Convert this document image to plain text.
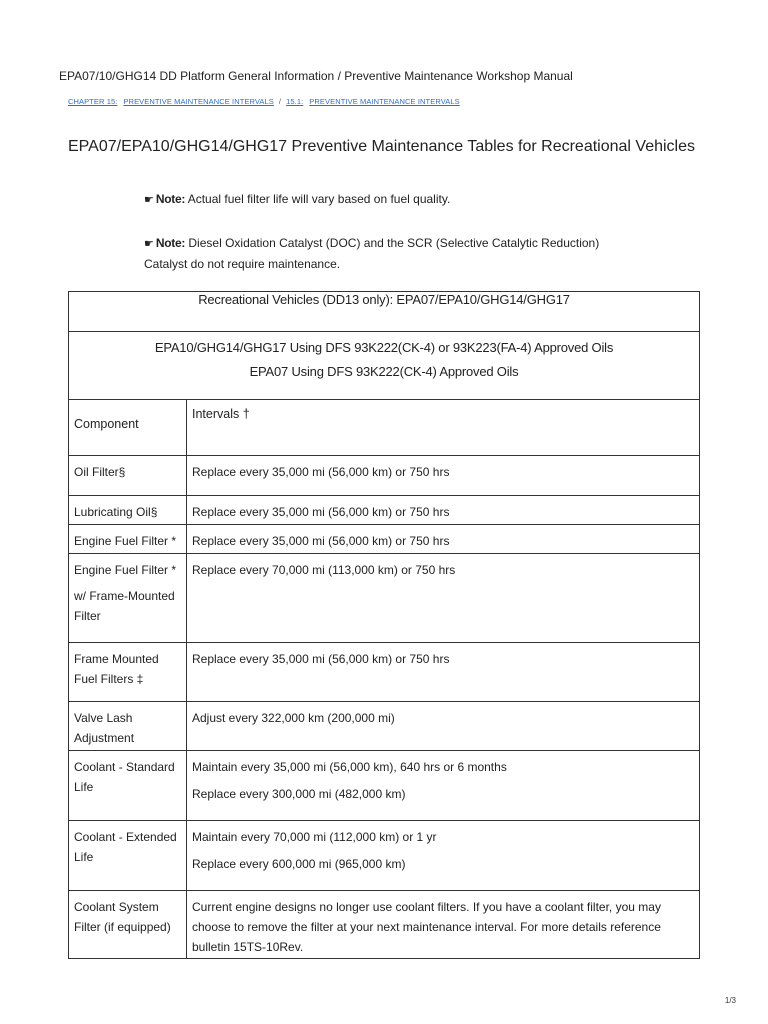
EPA07/10/GHG14 DD Platform General Information / Preventive Maintenance Workshop Manual
CHAPTER 15: PREVENTIVE MAINTENANCE INTERVALS / 15.1: PREVENTIVE MAINTENANCE INTERVALS
EPA07/EPA10/GHG14/GHG17 Preventive Maintenance Tables for Recreational Vehicles
☛ Note: Actual fuel filter life will vary based on fuel quality.
☛ Note: Diesel Oxidation Catalyst (DOC) and the SCR (Selective Catalytic Reduction) Catalyst do not require maintenance.
Recreational Vehicles (DD13 only): EPA07/EPA10/GHG14/GHG17	

EPA10/GHG14/GHG17 Using DFS 93K222(CK-4) or 93K223(FA-4) Approved Oils
EPA07 Using DFS 93K222(CK-4) Approved Oils	

Component	Intervals †

Oil Filter§	Replace every 35,000 mi (56,000 km) or 750 hrs

Lubricating Oil§	Replace every 35,000 mi (56,000 km) or 750 hrs

Engine Fuel Filter *	Replace every 35,000 mi (56,000 km) or 750 hrs

Engine Fuel Filter *
w/ Frame-Mounted Filter	Replace every 70,000 mi (113,000 km) or 750 hrs

Frame Mounted Fuel Filters ‡	Replace every 35,000 mi (56,000 km) or 750 hrs

Valve Lash Adjustment	Adjust every 322,000 km (200,000 mi)

Coolant - Standard Life	Maintain every 35,000 mi (56,000 km), 640 hrs or 6 months
Replace every 300,000 mi (482,000 km)

Coolant - Extended Life	Maintain every 70,000 mi (112,000 km) or 1 yr
Replace every 600,000 mi (965,000 km)

Coolant System Filter (if equipped)	Current engine designs no longer use coolant filters. If you have a coolant filter, you may choose to remove the filter at your next maintenance interval. For more details reference bulletin 15TS-10Rev.
1/3
